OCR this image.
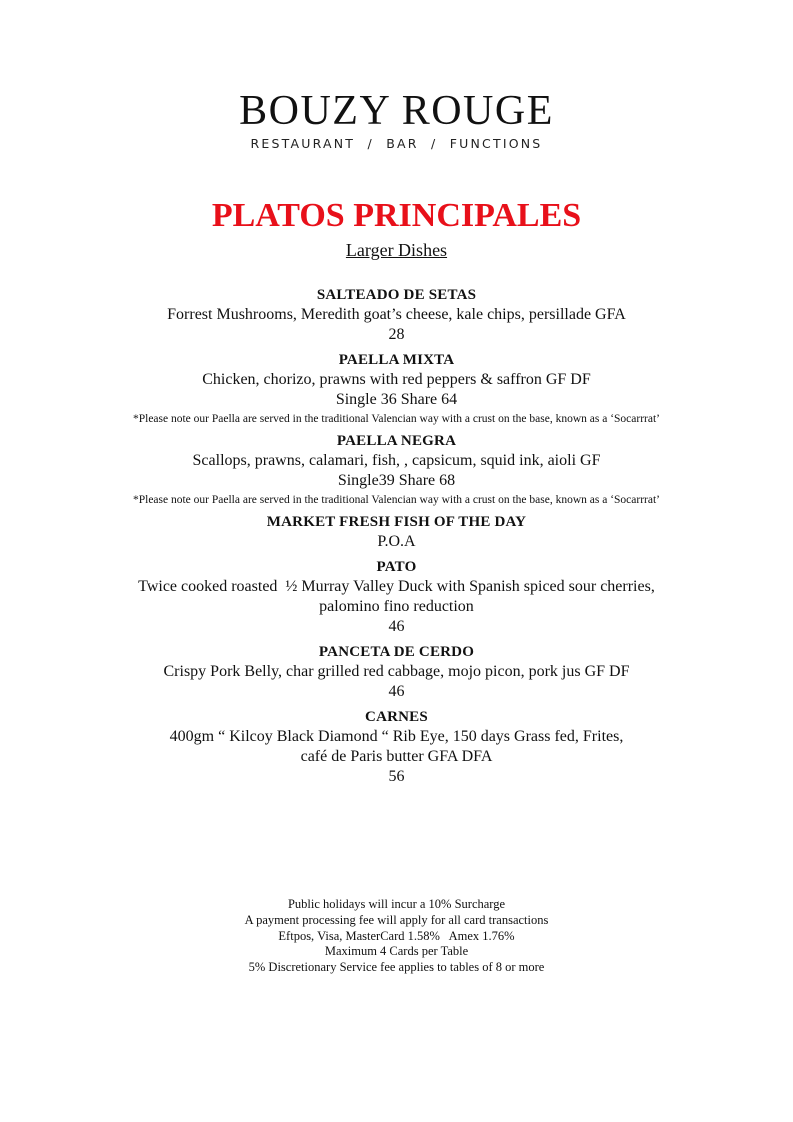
BOUZY ROUGE
RESTAURANT  /  BAR  /  FUNCTIONS
PLATOS PRINCIPALES
Larger Dishes
SALTEADO DE SETAS
Forrest Mushrooms, Meredith goat’s cheese, kale chips, persillade GFA
28
PAELLA MIXTA
Chicken, chorizo, prawns with red peppers & saffron GF DF
Single 36 Share 64
*Please note our Paella are served in the traditional Valencian way with a crust on the base, known as a ‘Socarrrat’
PAELLA NEGRA
Scallops, prawns, calamari, fish, , capsicum, squid ink, aioli GF
Single39 Share 68
*Please note our Paella are served in the traditional Valencian way with a crust on the base, known as a ‘Socarrrat’
MARKET FRESH FISH OF THE DAY
P.O.A
PATO
Twice cooked roasted  ½ Murray Valley Duck with Spanish spiced sour cherries,
palomino fino reduction
46
PANCETA DE CERDO
Crispy Pork Belly, char grilled red cabbage, mojo picon, pork jus GF DF
46
CARNES
400gm “ Kilcoy Black Diamond “ Rib Eye, 150 days Grass fed, Frites,
café de Paris butter GFA DFA
56
Public holidays will incur a 10% Surcharge
A payment processing fee will apply for all card transactions
Eftpos, Visa, MasterCard 1.58%   Amex 1.76%
Maximum 4 Cards per Table
5% Discretionary Service fee applies to tables of 8 or more
